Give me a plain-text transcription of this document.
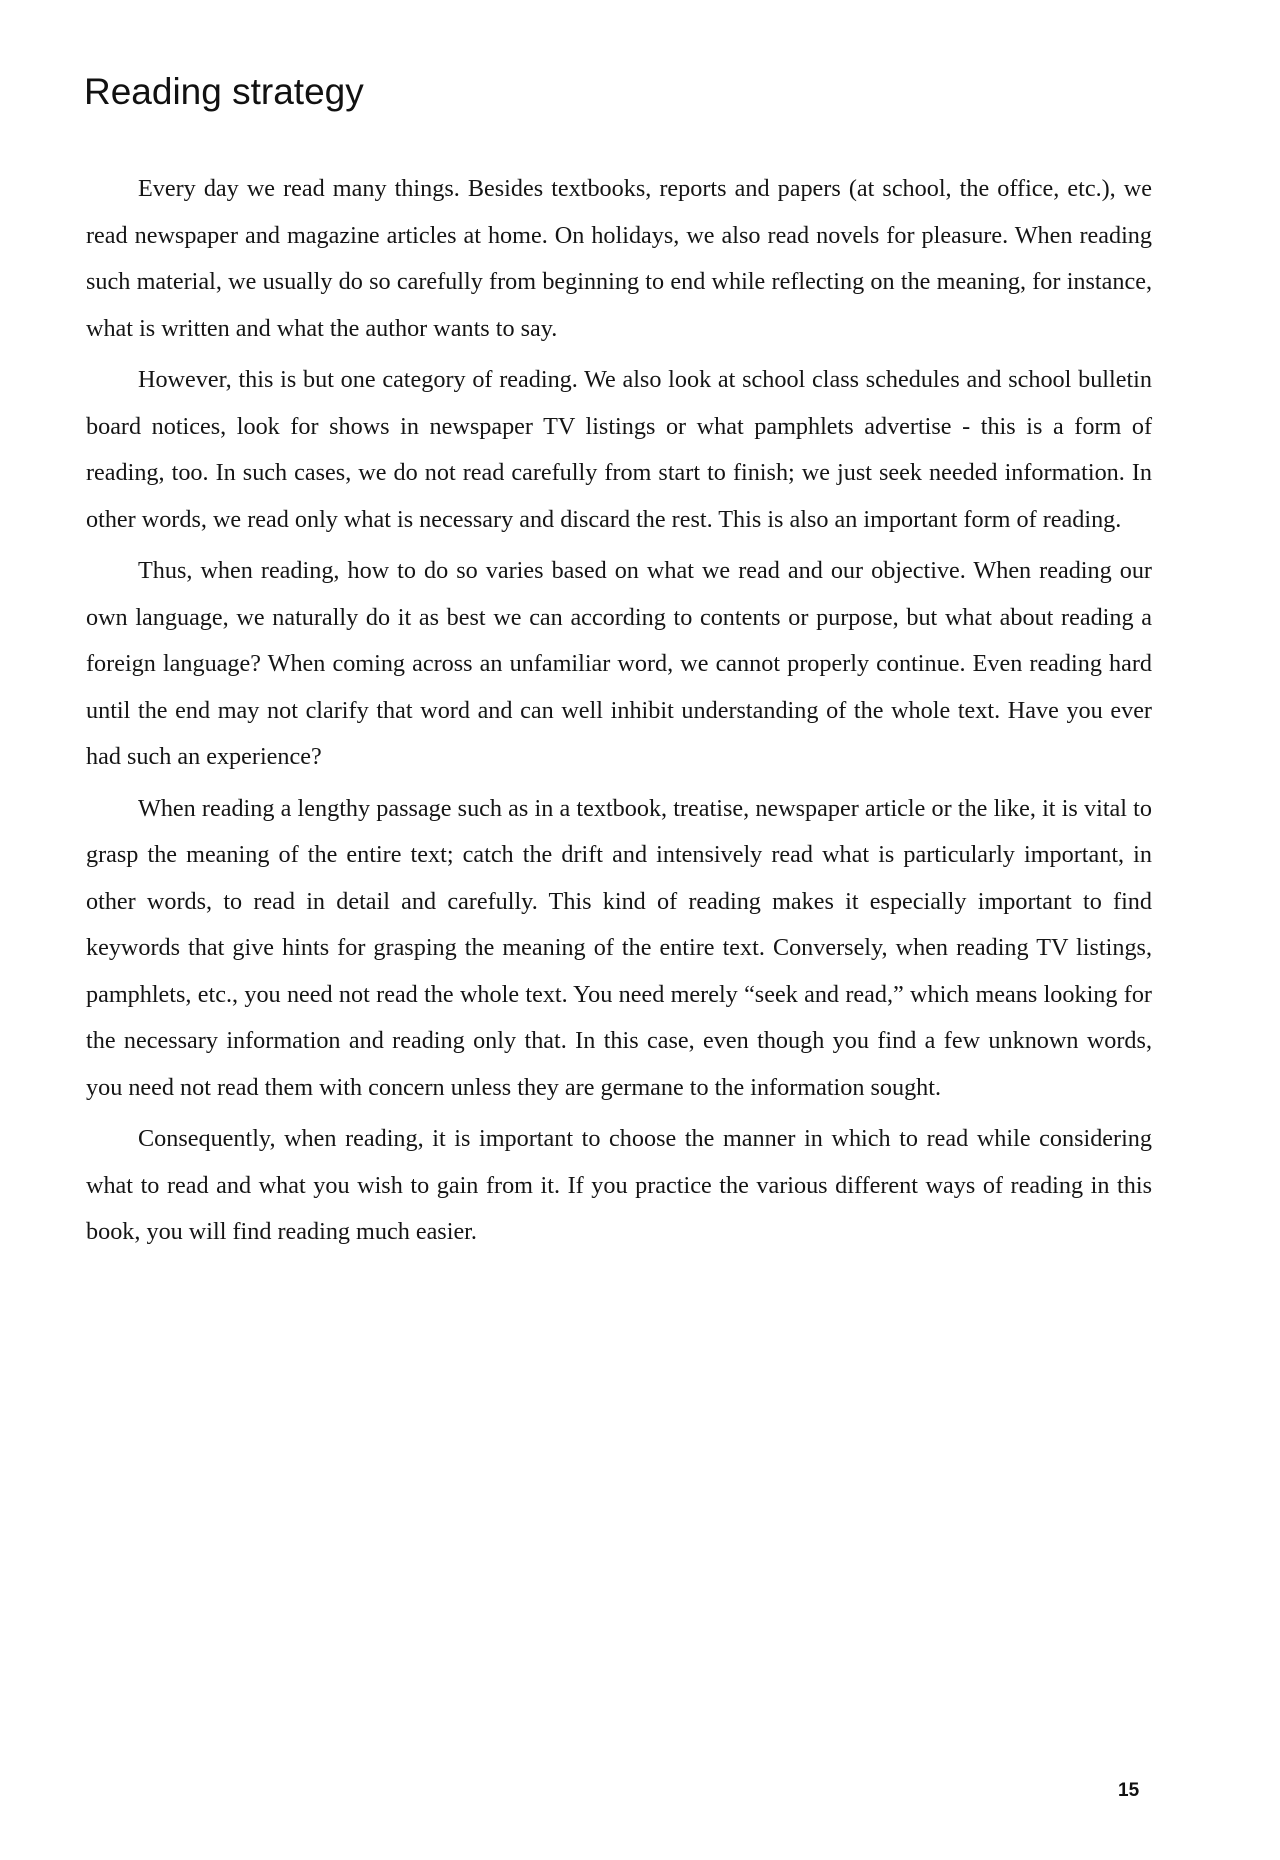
Reading strategy

Every day we read many things. Besides textbooks, reports and papers (at school, the office, etc.), we read newspaper and magazine articles at home. On holidays, we also read novels for pleasure. When reading such material, we usually do so carefully from beginning to end while reflecting on the meaning, for instance, what is written and what the author wants to say.

However, this is but one category of reading. We also look at school class schedules and school bulletin board notices, look for shows in newspaper TV listings or what pamphlets advertise - this is a form of reading, too. In such cases, we do not read carefully from start to finish; we just seek needed information. In other words, we read only what is necessary and discard the rest. This is also an important form of reading.

Thus, when reading, how to do so varies based on what we read and our objective. When reading our own language, we naturally do it as best we can according to contents or purpose, but what about reading a foreign language? When coming across an unfamiliar word, we cannot properly continue. Even reading hard until the end may not clarify that word and can well inhibit understanding of the whole text. Have you ever had such an experience?

When reading a lengthy passage such as in a textbook, treatise, newspaper article or the like, it is vital to grasp the meaning of the entire text; catch the drift and intensively read what is particularly important, in other words, to read in detail and carefully. This kind of reading makes it especially important to find keywords that give hints for grasping the meaning of the entire text. Conversely, when reading TV listings, pamphlets, etc., you need not read the whole text. You need merely “seek and read,” which means looking for the necessary information and reading only that. In this case, even though you find a few unknown words, you need not read them with concern unless they are germane to the information sought.

Consequently, when reading, it is important to choose the manner in which to read while considering what to read and what you wish to gain from it. If you practice the various different ways of reading in this book, you will find reading much easier.

15
